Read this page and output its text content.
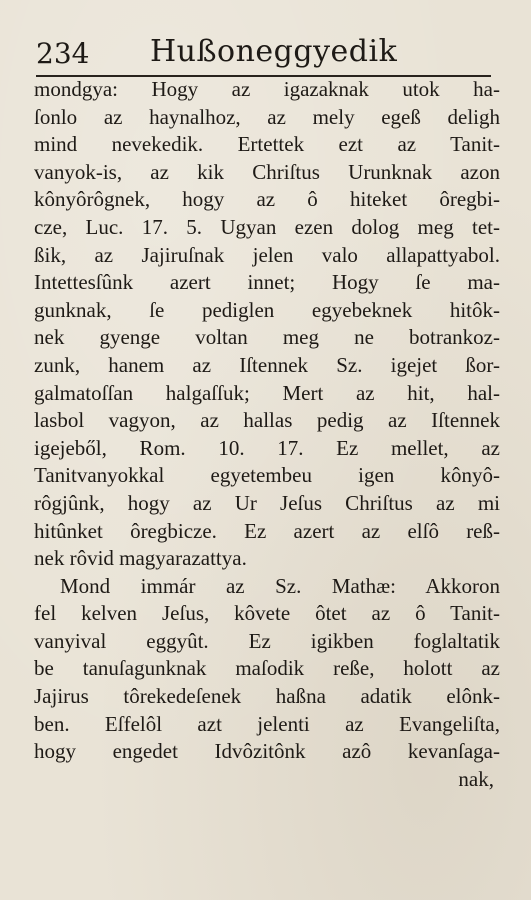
234 Hußoneggyedik
mondgya: Hogy az igazaknak utok ha-
ſonlo az haynalhoz, az mely egeß deligh
mind nevekedik. Ertettek ezt az Tanit-
vanyok-is, az kik Chriſtus Urunknak azon
kônyôrôgnek, hogy az ô hiteket ôregbi-
cze, Luc. 17. 5. Ugyan ezen dolog meg tet-
ßik, az Jajiruſnak jelen valo allapattyabol.
Intettesſûnk azert innet; Hogy ſe ma-
gunknak, ſe pediglen egyebeknek hitôk-
nek gyenge voltan meg ne botrankoz-
zunk, hanem az Iſtennek Sz. igejet ßor-
galmatoſſan halgaſſuk; Mert az hit, hal-
lasbol vagyon, az hallas pedig az Iſtennek
igejeből, Rom. 10. 17. Ez mellet, az
Tanitvanyokkal egyetembeu igen kônyô-
rôgjûnk, hogy az Ur Jeſus Chriſtus az mi
hitûnket ôregbicze. Ez azert az elſô reß-
nek rôvid magyarazattya.
Mond immár az Sz. Mathæ: Akkoron
fel kelven Jeſus, kôvete ôtet az ô Tanit-
vanyival eggyût. Ez igikben foglaltatik
be tanuſagunknak maſodik reße, holott az
Jajirus tôrekedeſenek haßna adatik elônk-
ben. Eſfelôl azt jelenti az Evangeliſta,
hogy engedet Idvôzitônk azô kevanſaga-
nak,
